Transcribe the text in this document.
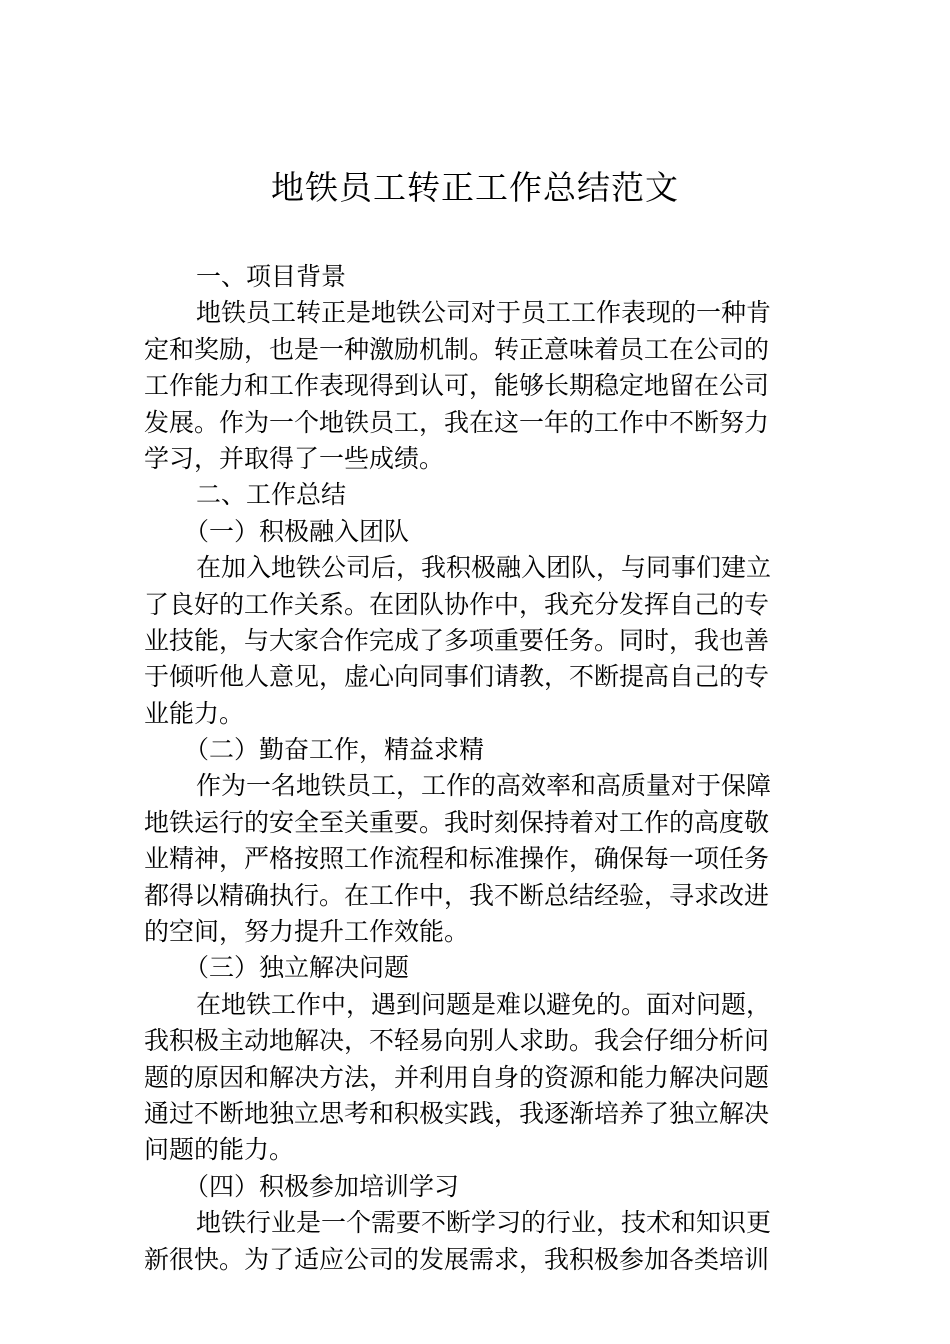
地铁员工转正工作总结范文
一、项目背景
地铁员工转正是地铁公司对于员工工作表现的一种肯
定和奖励，也是一种激励机制。转正意味着员工在公司的
工作能力和工作表现得到认可，能够长期稳定地留在公司
发展。作为一个地铁员工，我在这一年的工作中不断努力
学习，并取得了一些成绩。
二、工作总结
（一）积极融入团队
在加入地铁公司后，我积极融入团队，与同事们建立
了良好的工作关系。在团队协作中，我充分发挥自己的专
业技能，与大家合作完成了多项重要任务。同时，我也善
于倾听他人意见，虚心向同事们请教，不断提高自己的专
业能力。
（二）勤奋工作，精益求精
作为一名地铁员工，工作的高效率和高质量对于保障
地铁运行的安全至关重要。我时刻保持着对工作的高度敬
业精神，严格按照工作流程和标准操作，确保每一项任务
都得以精确执行。在工作中，我不断总结经验，寻求改进
的空间，努力提升工作效能。
（三）独立解决问题
在地铁工作中，遇到问题是难以避免的。面对问题，
我积极主动地解决，不轻易向别人求助。我会仔细分析问
题的原因和解决方法，并利用自身的资源和能力解决问题
通过不断地独立思考和积极实践，我逐渐培养了独立解决
问题的能力。
（四）积极参加培训学习
地铁行业是一个需要不断学习的行业，技术和知识更
新很快。为了适应公司的发展需求，我积极参加各类培训
